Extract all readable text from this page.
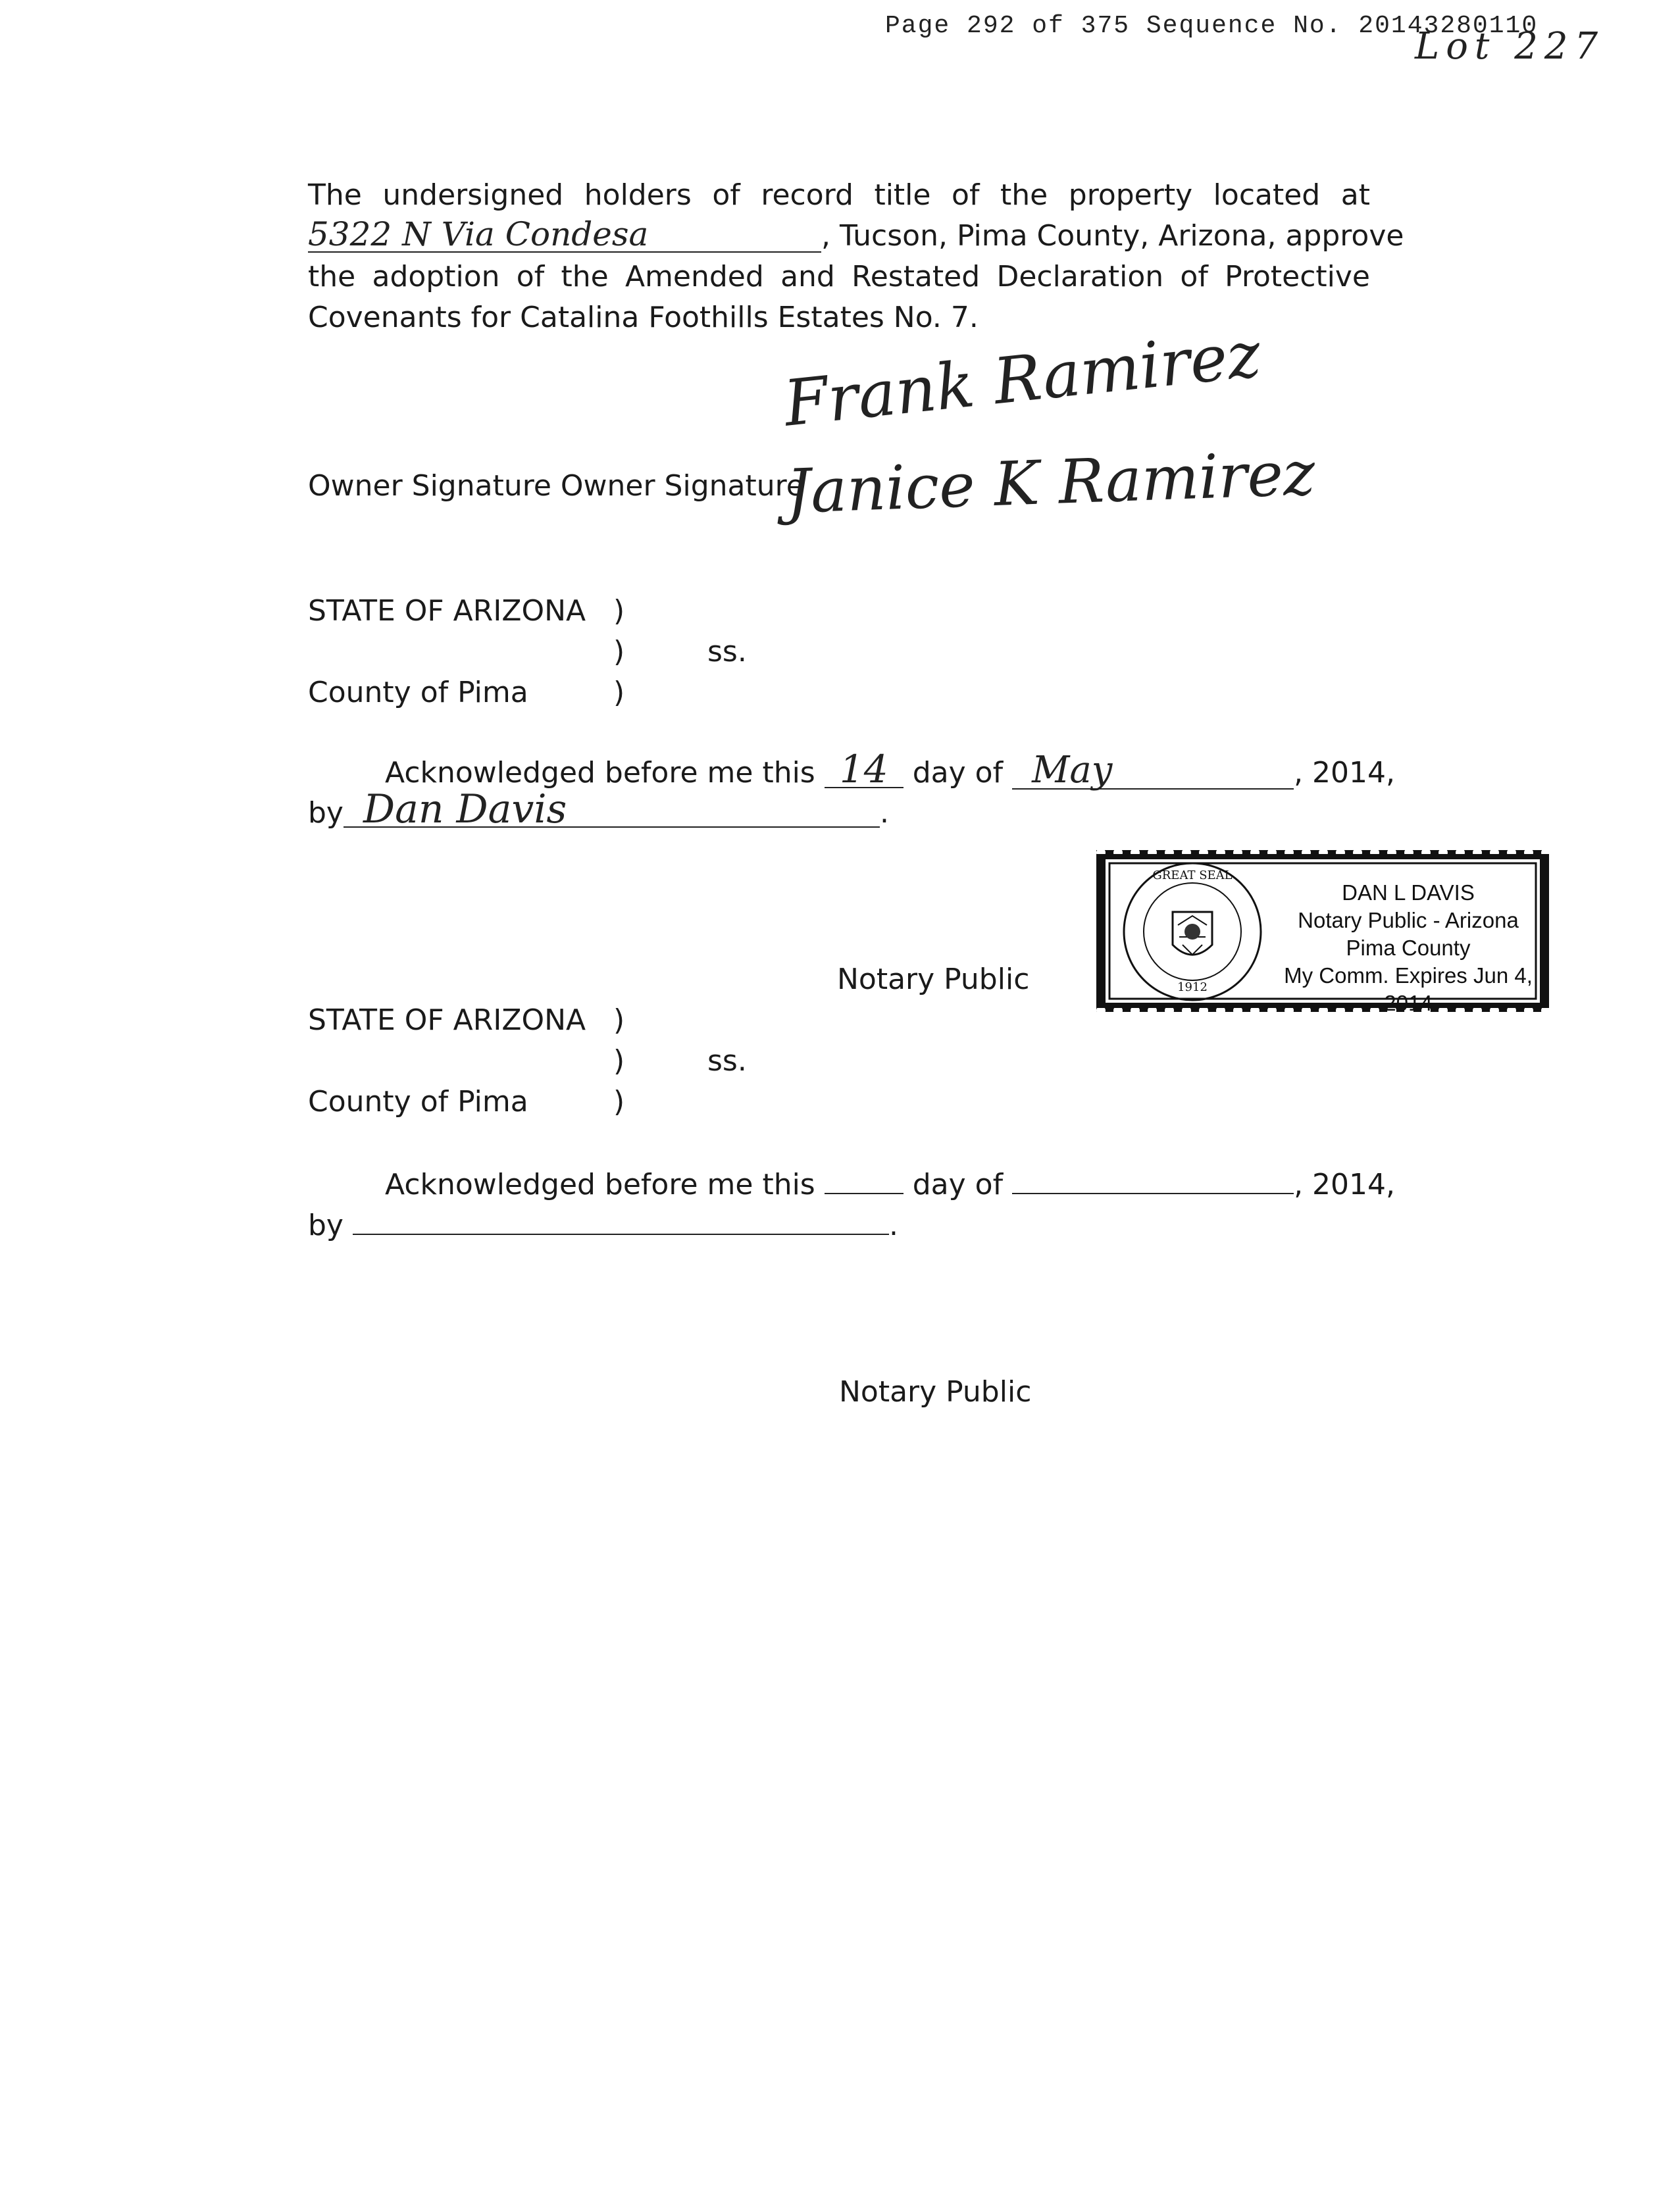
Page 292 of 375 Sequence No. 20143280110
Lot 227
The undersigned holders of record title of the property located at
5322 N Via Condesa	, Tucson, Pima County, Arizona, approve
the adoption of the Amended and Restated Declaration of Protective
Covenants for Catalina Foothills Estates No. 7.
Frank Ramirez
Owner Signature Owner Signature
Janice K Ramirez
STATE OF ARIZONA )
)	ss.
County of Pima	)
Acknowledged before me this 14 day of May	, 2014,
by Dan Davis	.
Notary Public
GREAT SEAL
1912
DAN L DAVIS
Notary Public - Arizona
Pima County
My Comm. Expires Jun 4, 2014
STATE OF ARIZONA )
)	ss.
County of Pima	)
Acknowledged before me this	day of	, 2014,
by	.
Notary Public
